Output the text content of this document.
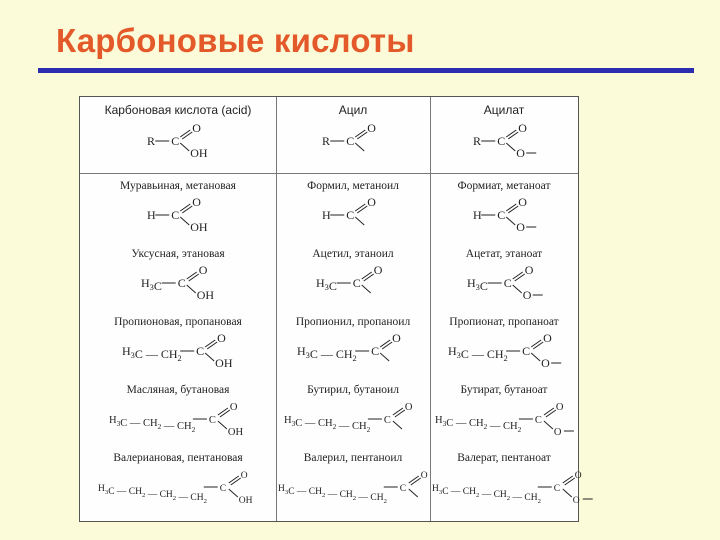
Карбоновые кислоты
Карбоновая кислота (acid)
R C
O
OH
Ацил
R C
O
Ацилат
R C
O
O
Муравьиная, метановая
H C
O
OH
Формил, метаноил
H C
O
Формиат, метаноат
H C
O
O
Уксусная, этановая
$H_3C$ C
O
OH
Ацетил, этаноил
$H_3C$ C
O
Ацетат, этаноат
$H_3C$ C
O
O
Пропионовая, пропановая
$H_3C$ — $CH_2$
C
O
OH
Пропионил, пропаноил
$H_3C$ — $CH_2$
C
O
Пропионат, пропаноат
$H_3C$ — $CH_2$
C
O
O
Масляная, бутановая
$H_3C$ — $CH_2$ — $CH_2$
C
O
OH
Бутирил, бутаноил
$H_3C$ — $CH_2$ — $CH_2$
C
O
Бутират, бутаноат
$H_3C$ — $CH_2$ — $CH_2$
C
O
O
Валериановая, пентановая
$H_3C$ — $CH_2$ — $CH_2$ — $CH_2$
C
O
OH
Валерил, пентаноил
$H_3C$ — $CH_2$ — $CH_2$ — $CH_2$
C
O
Валерат, пентаноат
$H_3C$ — $CH_2$ — $CH_2$ — $CH_2$
C
O
O
